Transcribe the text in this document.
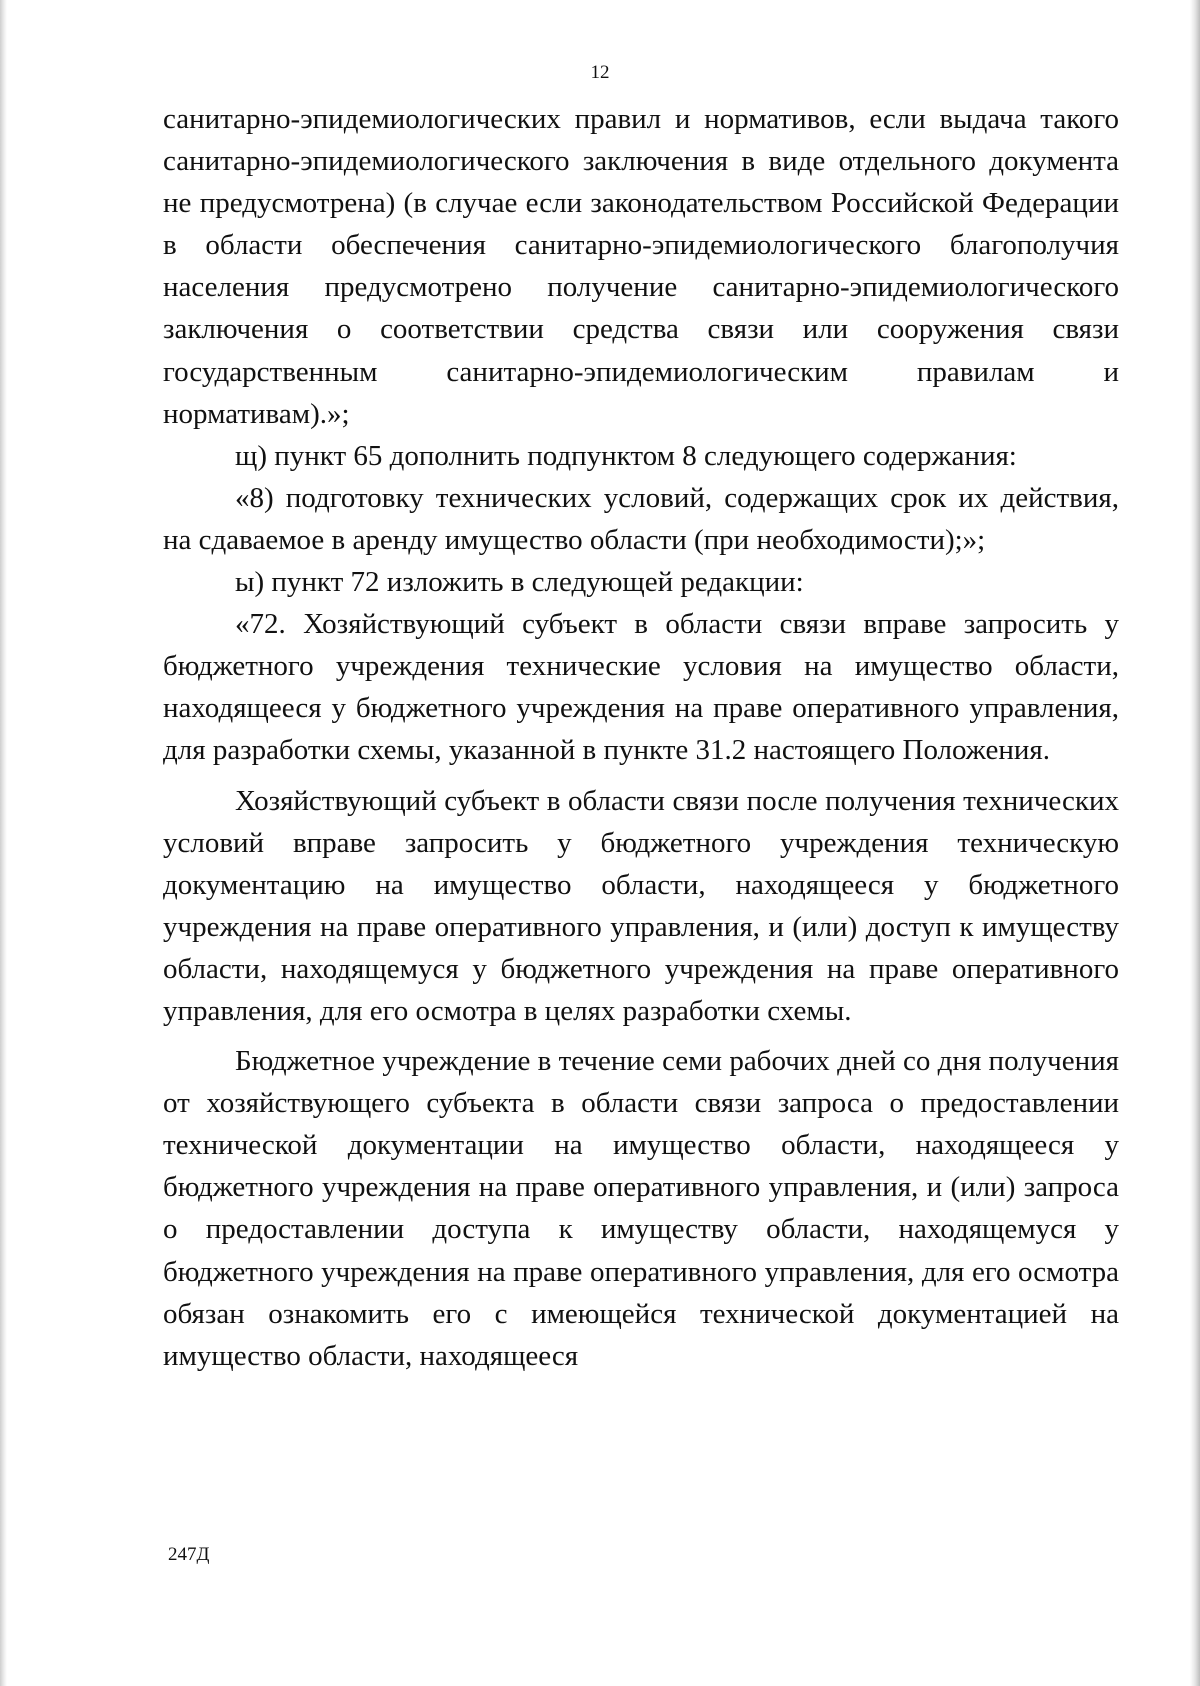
12

санитарно-эпидемиологических правил и нормативов, если выдача такого санитарно-эпидемиологического заключения в виде отдельного документа не предусмотрена) (в случае если законодательством Российской Федерации в области обеспечения санитарно-эпидемиологического благополучия населения предусмотрено получение санитарно-эпидемиологического заключения о соответствии средства связи или сооружения связи государственным санитарно-эпидемиологическим правилам и нормативам).»;

щ) пункт 65 дополнить подпунктом 8 следующего содержания:

«8) подготовку технических условий, содержащих срок их действия, на сдаваемое в аренду имущество области (при необходимости);»;

ы) пункт 72 изложить в следующей редакции:

«72. Хозяйствующий субъект в области связи вправе запросить у бюджетного учреждения технические условия на имущество области, находящееся у бюджетного учреждения на праве оперативного управления, для разработки схемы, указанной в пункте 31.2 настоящего Положения.

Хозяйствующий субъект в области связи после получения технических условий вправе запросить у бюджетного учреждения техническую документацию на имущество области, находящееся у бюджетного учреждения на праве оперативного управления, и (или) доступ к имуществу области, находящемуся у бюджетного учреждения на праве оперативного управления, для его осмотра в целях разработки схемы.

Бюджетное учреждение в течение семи рабочих дней со дня получения от хозяйствующего субъекта в области связи запроса о предоставлении технической документации на имущество области, находящееся у бюджетного учреждения на праве оперативного управления, и (или) запроса о предоставлении доступа к имуществу области, находящемуся у бюджетного учреждения на праве оперативного управления, для его осмотра обязан ознакомить его с имеющейся технической документацией на имущество области, находящееся

247Д
